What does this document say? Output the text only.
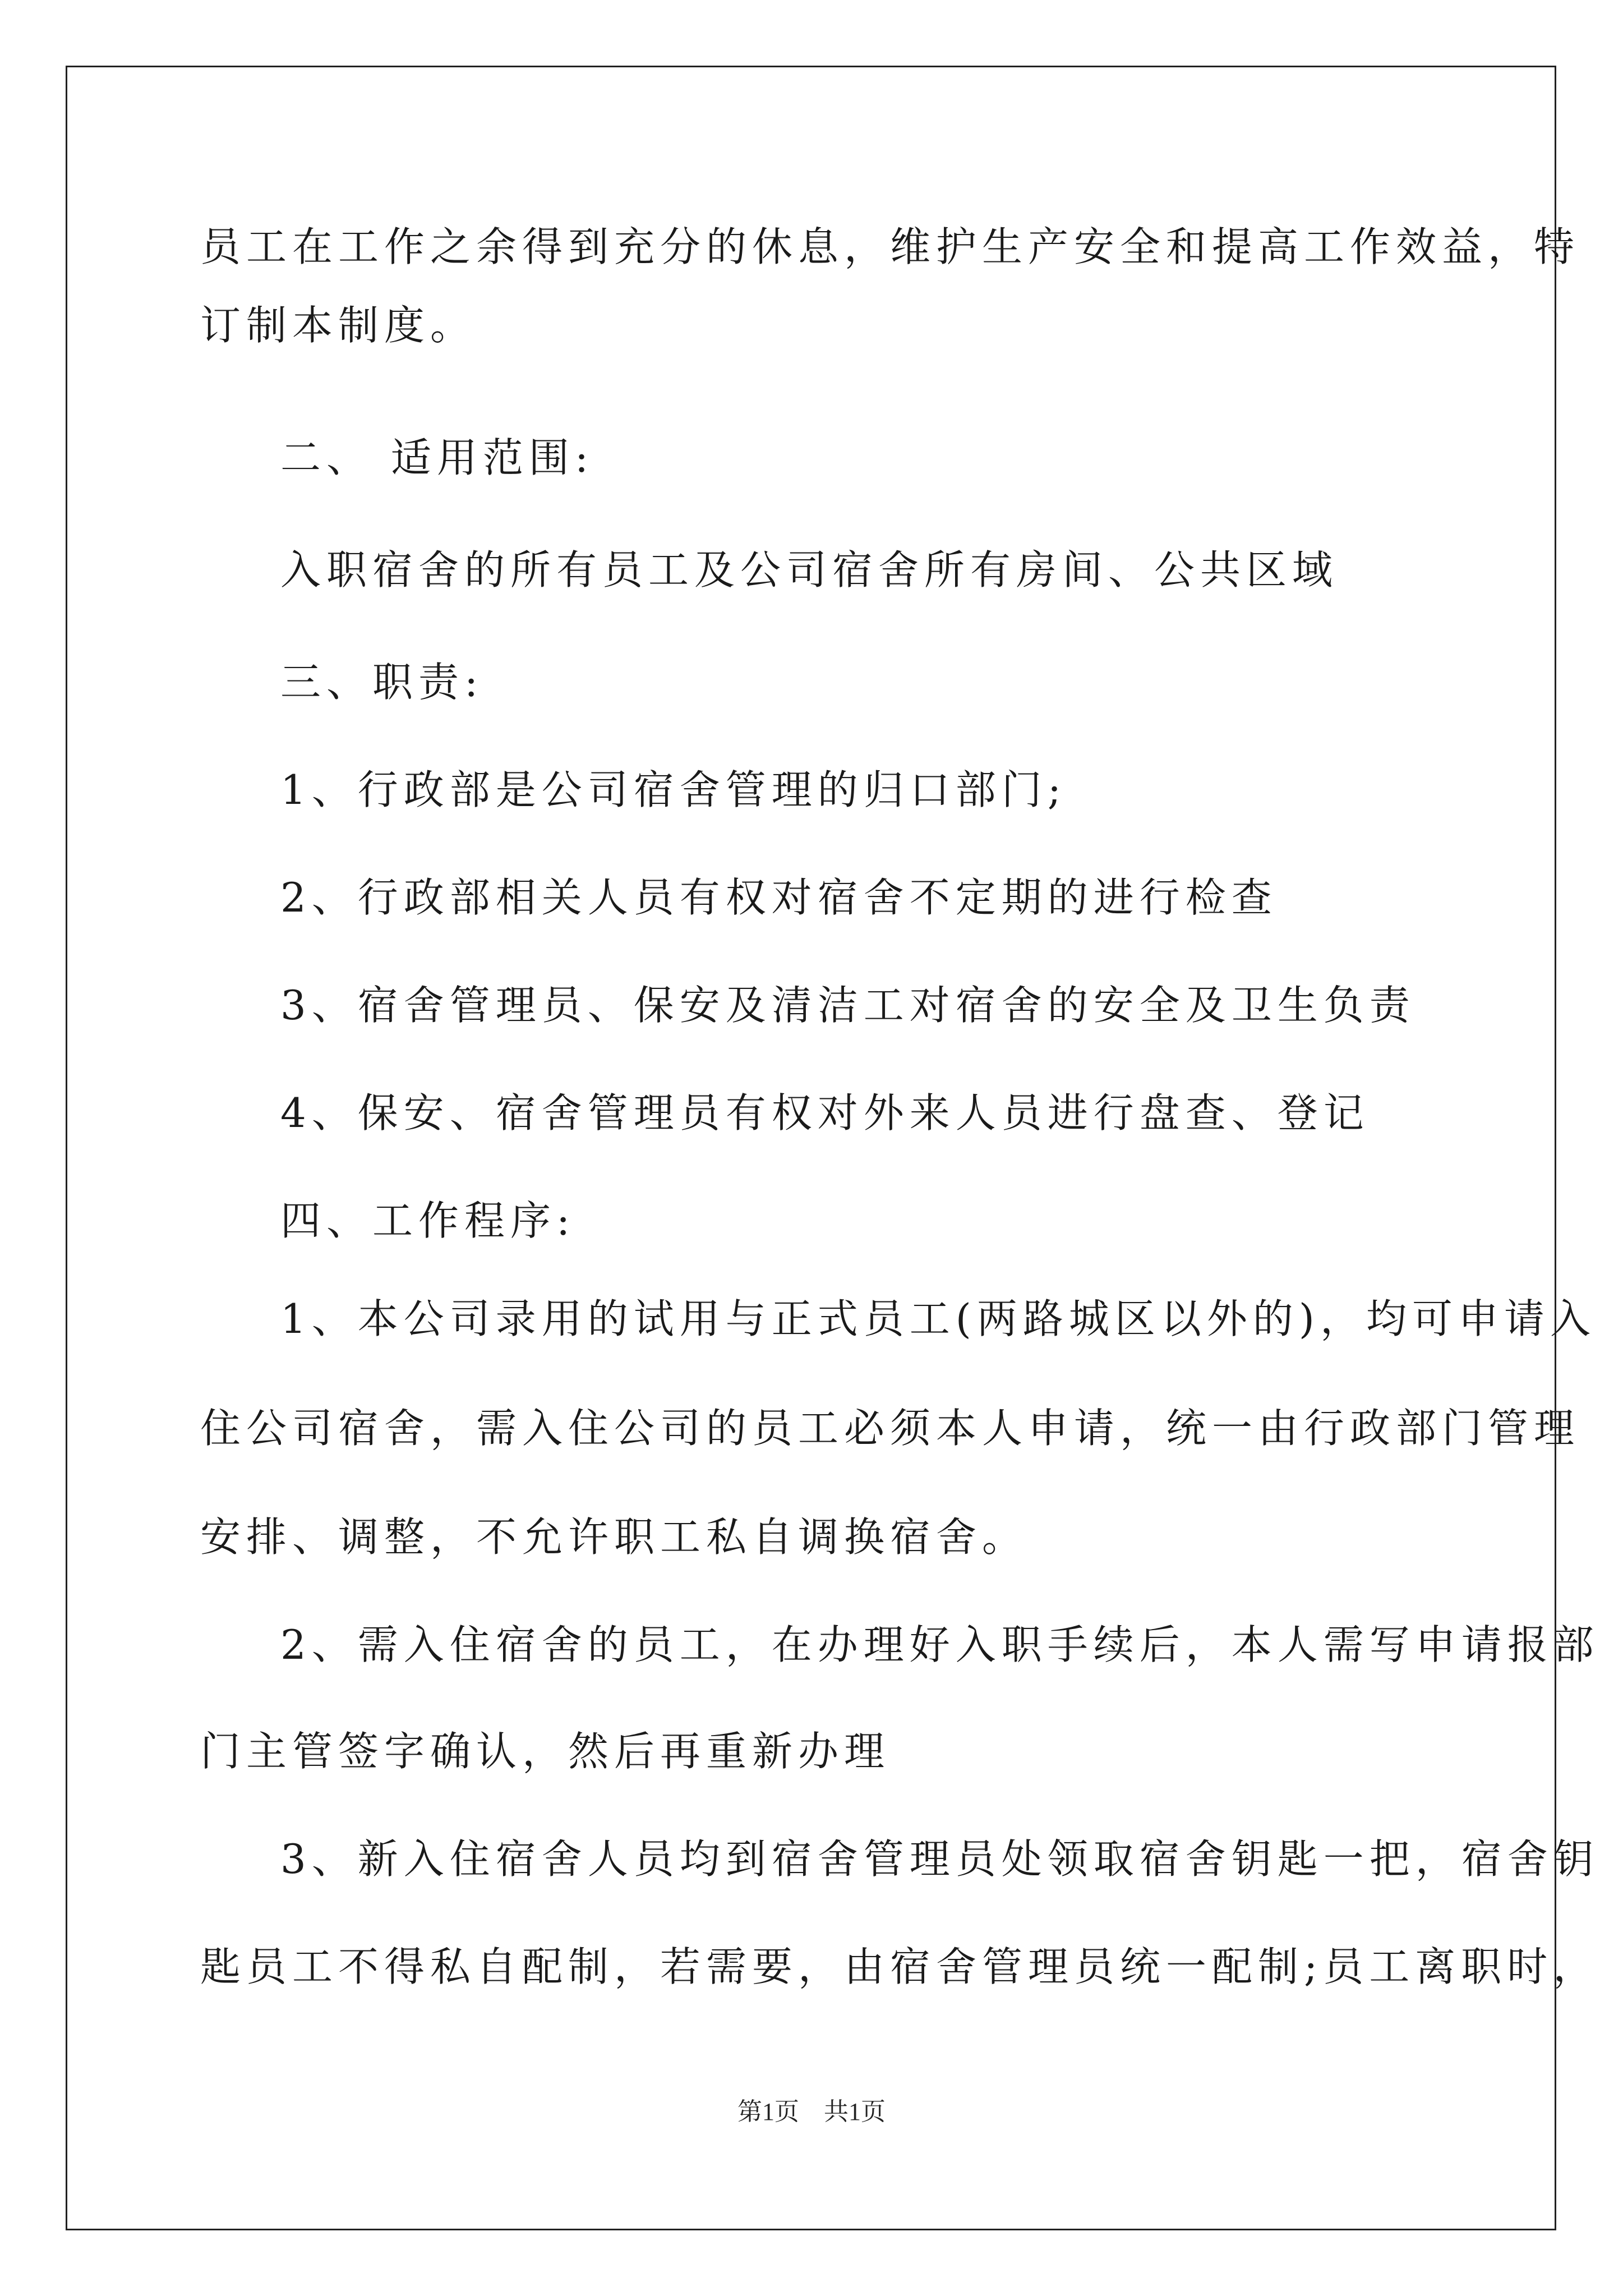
员工在工作之余得到充分的休息，维护生产安全和提高工作效益，特
订制本制度。
二、 适用范围:
入职宿舍的所有员工及公司宿舍所有房间、公共区域
三、职责:
1、行政部是公司宿舍管理的归口部门;
2、行政部相关人员有权对宿舍不定期的进行检查
3、宿舍管理员、保安及清洁工对宿舍的安全及卫生负责
4、保安、宿舍管理员有权对外来人员进行盘查、登记
四、工作程序:
1、本公司录用的试用与正式员工(两路城区以外的)，均可申请入
住公司宿舍，需入住公司的员工必须本人申请，统一由行政部门管理
安排、调整，不允许职工私自调换宿舍。
2、需入住宿舍的员工，在办理好入职手续后，本人需写申请报部
门主管签字确认，然后再重新办理
3、新入住宿舍人员均到宿舍管理员处领取宿舍钥匙一把，宿舍钥
匙员工不得私自配制，若需要，由宿舍管理员统一配制;员工离职时，
第1页 共1页
